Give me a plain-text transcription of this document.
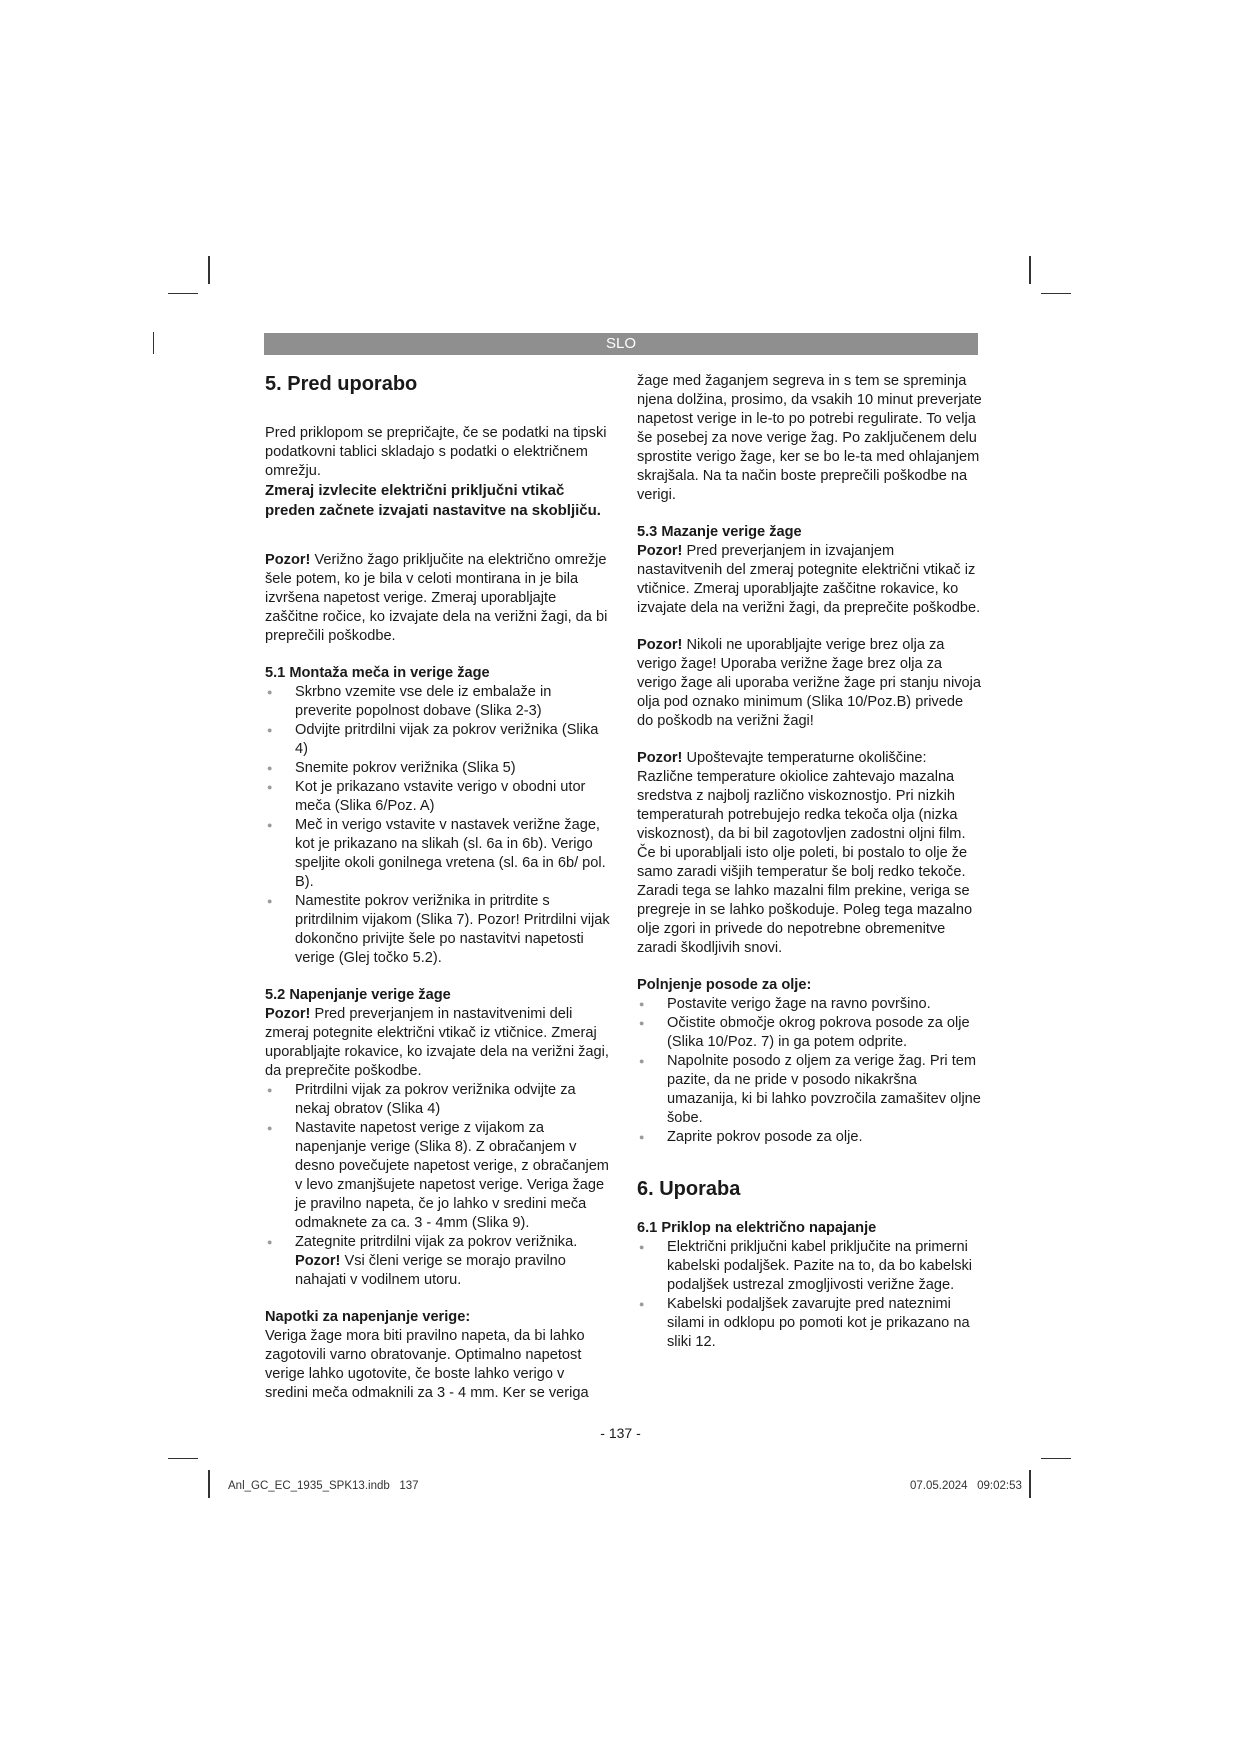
SLO
5. Pred uporabo

Pred priklopom se prepričajte, če se podatki na tipski podatkovni tablici skladajo s podatki o električnem omrežju.

Zmeraj izvlecite električni priključni vtikač preden začnete izvajati nastavitve na skobljiču.

Pozor! Verižno žago priključite na električno omrežje šele potem, ko je bila v celoti montirana in je bila izvršena napetost verige. Zmeraj uporabljajte zaščitne ročice, ko izvajate dela na verižni žagi, da bi preprečili poškodbe.

5.1 Montaža meča in verige žage
● Skrbno vzemite vse dele iz embalaže in preverite popolnost dobave (Slika 2-3)
● Odvijte pritrdilni vijak za pokrov verižnika (Slika 4)
● Snemite pokrov verižnika (Slika 5)
● Kot je prikazano vstavite verigo v obodni utor meča (Slika 6/Poz. A)
● Meč in verigo vstavite v nastavek verižne žage, kot je prikazano na slikah (sl. 6a in 6b). Verigo speljite okoli gonilnega vretena (sl. 6a in 6b/ pol. B).
● Namestite pokrov verižnika in pritrdite s pritrdilnim vijakom (Slika 7). Pozor! Pritrdilni vijak dokončno privijte šele po nastavitvi napetosti verige (Glej točko 5.2).
5.2 Napenjanje verige žage

Pozor! Pred preverjanjem in nastavitvenimi deli zmeraj potegnite električni vtikač iz vtičnice. Zmeraj uporabljajte rokavice, ko izvajate dela na verižni žagi, da preprečite poškodbe.

● Pritrdilni vijak za pokrov verižnika odvijte za nekaj obratov (Slika 4)
● Nastavite napetost verige z vijakom za napenjanje verige (Slika 8). Z obračanjem v desno povečujete napetost verige, z obračanjem v levo zmanjšujete napetost verige. Veriga žage je pravilno napeta, če jo lahko v sredini meča odmaknete za ca. 3 - 4mm (Slika 9).
● Zategnite pritrdilni vijak za pokrov verižnika.
Pozor! Vsi členi verige se morajo pravilno nahajati v vodilnem utoru.
Napotki za napenjanje verige:

Veriga žage mora biti pravilno napeta, da bi lahko zagotovili varno obratovanje. Optimalno napetost verige lahko ugotovite, če boste lahko verigo v sredini meča odmaknili za 3 - 4 mm. Ker se veriga

žage med žaganjem segreva in s tem se spreminja njena dolžina, prosimo, da vsakih 10 minut preverjate napetost verige in le-to po potrebi regulirate. To velja še posebej za nove verige žag. Po zaključenem delu sprostite verigo žage, ker se bo le-ta med ohlajanjem skrajšala. Na ta način boste preprečili poškodbe na verigi.

5.3 Mazanje verige žage

Pozor! Pred preverjanjem in izvajanjem nastavitvenih del zmeraj potegnite električni vtikač iz vtičnice. Zmeraj uporabljajte zaščitne rokavice, ko izvajate dela na verižni žagi, da preprečite poškodbe.

Pozor! Nikoli ne uporabljajte verige brez olja za verigo žage! Uporaba verižne žage brez olja za verigo žage ali uporaba verižne žage pri stanju nivoja olja pod oznako minimum (Slika 10/Poz.B) privede do poškodb na verižni žagi!

Pozor! Upoštevajte temperaturne okoliščine: Različne temperature okiolice zahtevajo mazalna sredstva z najbolj različno viskoznostjo. Pri nizkih temperaturah potrebujejo redka tekoča olja (nizka viskoznost), da bi bil zagotovljen zadostni oljni film. Če bi uporabljali isto olje poleti, bi postalo to olje že samo zaradi višjih temperatur še bolj redko tekoče. Zaradi tega se lahko mazalni film prekine, veriga se pregreje in se lahko poškoduje. Poleg tega mazalno olje zgori in privede do nepotrebne obremenitve zaradi škodljivih snovi.

Polnjenje posode za olje:
● Postavite verigo žage na ravno površino.
● Očistite območje okrog pokrova posode za olje (Slika 10/Poz. 7) in ga potem odprite.
● Napolnite posodo z oljem za verige žag. Pri tem pazite, da ne pride v posodo nikakršna umazanija, ki bi lahko povzročila zamašitev oljne šobe.
● Zaprite pokrov posode za olje.
6. Uporaba
6.1 Priklop na električno napajanje
● Električni priključni kabel priključite na primerni kabelski podaljšek. Pazite na to, da bo kabelski podaljšek ustrezal zmogljivosti verižne žage.
● Kabelski podaljšek zavarujte pred nateznimi silami in odklopu po pomoti kot je prikazano na sliki 12.
- 137 -
Anl_GC_EC_1935_SPK13.indb   137	07.05.2024   09:02:53
